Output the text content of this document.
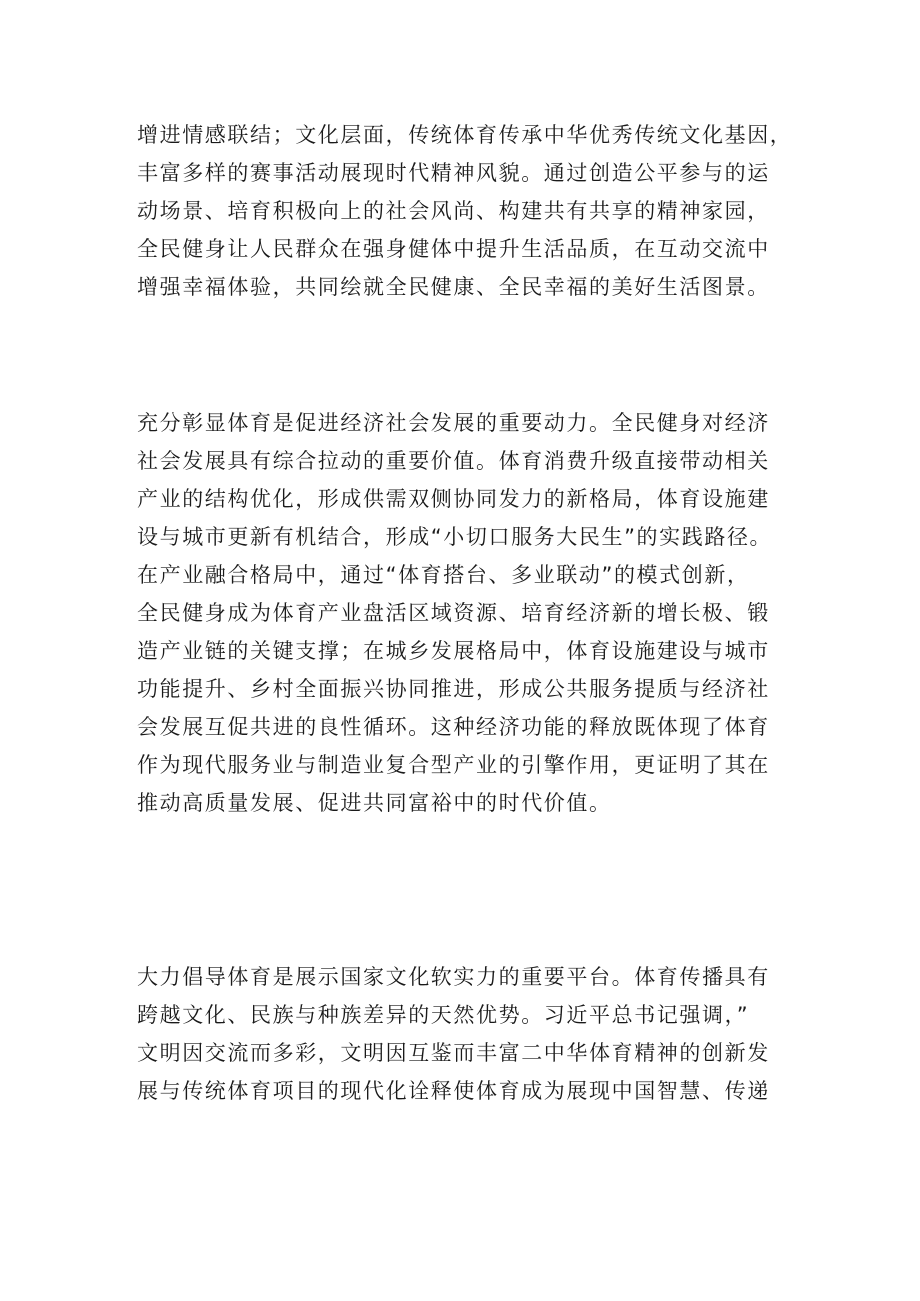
增进情感联结；文化层面，传统体育传承中华优秀传统文化基因，
丰富多样的赛事活动展现时代精神风貌。通过创造公平参与的运
动场景、培育积极向上的社会风尚、构建共有共享的精神家园，
全民健身让人民群众在强身健体中提升生活品质，在互动交流中
增强幸福体验，共同绘就全民健康、全民幸福的美好生活图景。
充分彰显体育是促进经济社会发展的重要动力。全民健身对经济
社会发展具有综合拉动的重要价值。体育消费升级直接带动相关
产业的结构优化，形成供需双侧协同发力的新格局，体育设施建
设与城市更新有机结合，形成“小切口服务大民生”的实践路径。
在产业融合格局中，通过“体育搭台、多业联动”的模式创新，
全民健身成为体育产业盘活区域资源、培育经济新的增长极、锻
造产业链的关键支撑；在城乡发展格局中，体育设施建设与城市
功能提升、乡村全面振兴协同推进，形成公共服务提质与经济社
会发展互促共进的良性循环。这种经济功能的释放既体现了体育
作为现代服务业与制造业复合型产业的引擎作用，更证明了其在
推动高质量发展、促进共同富裕中的时代价值。
大力倡导体育是展示国家文化软实力的重要平台。体育传播具有
跨越文化、民族与种族差异的天然优势。习近平总书记强调，”
文明因交流而多彩，文明因互鉴而丰富二中华体育精神的创新发
展与传统体育项目的现代化诠释使体育成为展现中国智慧、传递
